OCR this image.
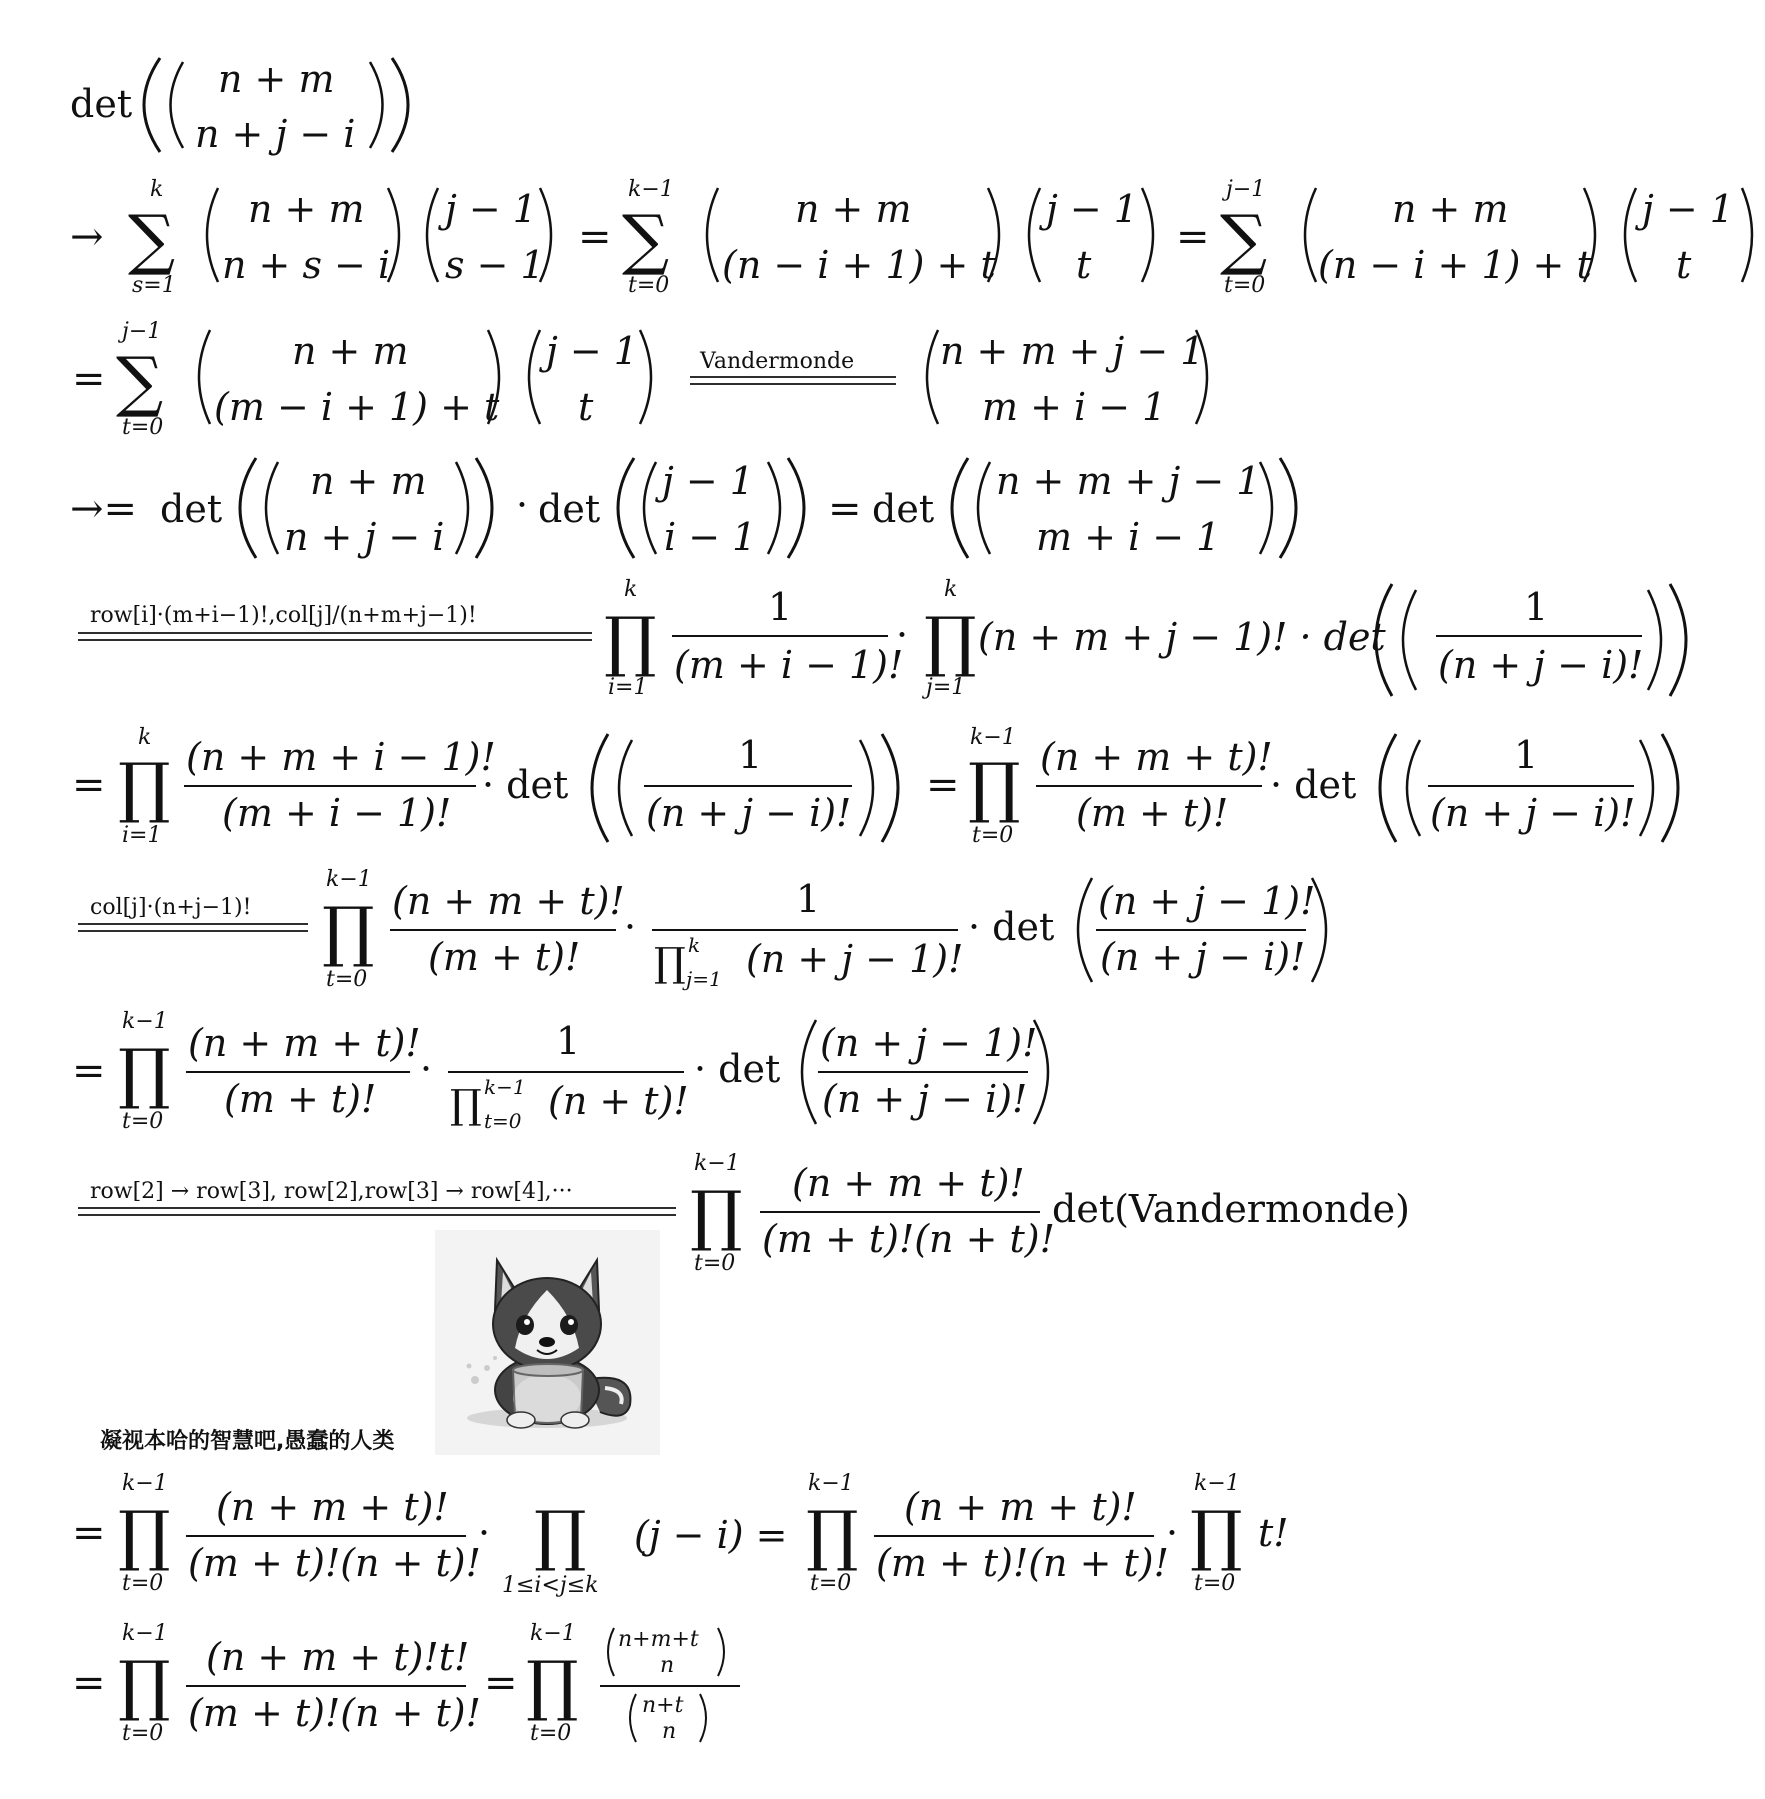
det
n + m
n + j − i
→
k
∑
s=1
n + m
n + s − i
j − 1
s − 1
=
k−1
∑
t=0
n + m
(n − i + 1) + t
j − 1
t
=
j−1
∑
t=0
n + m
(n − i + 1) + t
j − 1
t
=
j−1
∑
t=0
n + m
(m − i + 1) + t
j − 1
t
Vandermonde n + m + j − 1
m + i − 1
→= det
n + m
n + j − i
· det
j − 1
i − 1
= det
n + m + j − 1
m + i − 1
row[i]·(m+i−1)!,col[j]/(n+m+j−1)!
k
∏
i=1
1
(m + i − 1)!
·
k
∏
j=1
(n + m + j − 1)! · det
1
(n + j − i)!
=
k
∏
i=1
(n + m + i − 1)!
(m + i − 1)!
· det
1
(n + j − i)!
=
k−1
∏
t=0
(n + m + t)!
(m + t)!
· det
1
(n + j − i)!
col[j]·(n+j−1)!
k−1
∏
t=0
(n + m + t)!
(m + t)!
·
1
∏ k
j=1 (n + j − 1)!
· det
(n + j − 1)!
(n + j − i)!
=
k−1
∏
t=0
(n + m + t)!
(m + t)!
·
1
∏ k−1
t=0 (n + t)!
· det
(n + j − 1)!
(n + j − i)!
row[2] → row[3], row[2],row[3] → row[4],···
k−1
∏
t=0
(n + m + t)!
(m + t)!(n + t)!
det(Vandermonde)
=
k−1
∏
t=0
(n + m + t)!
(m + t)!(n + t)!
· ∏
1≤i<j≤k
(j − i) =
k−1
∏
t=0
(n + m + t)!
(m + t)!(n + t)!
·
k−1
∏
t=0
t!
=
k−1
∏
t=0
(n + m + t)!t!
(m + t)!(n + t)!
=
k−1
∏
t=0
n+m+t
n
n+t
n
凝视本哈的智慧吧,愚蠢的人类
